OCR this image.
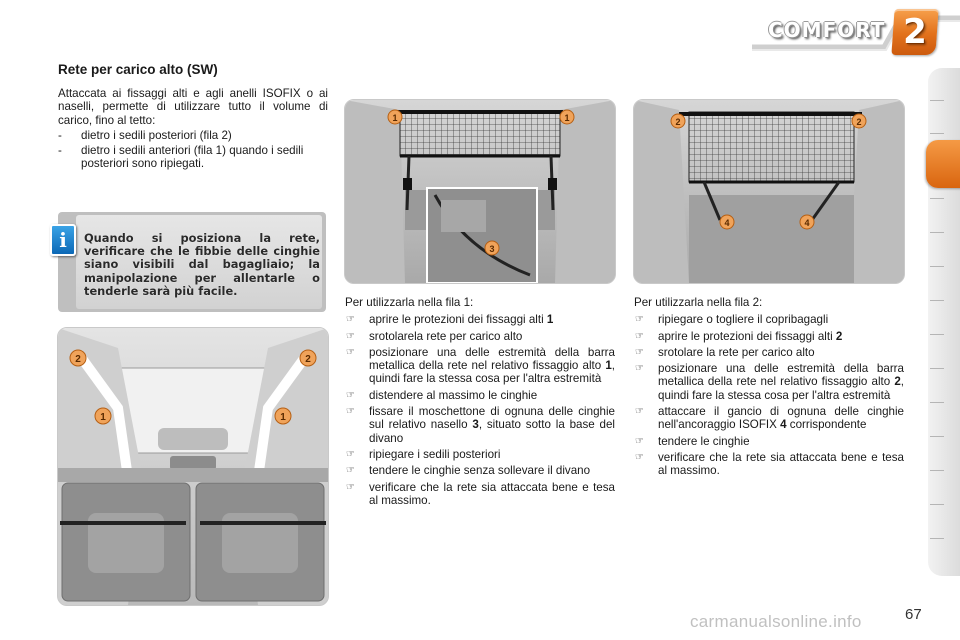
COMFORT 2
Rete per carico alto (SW)
Attaccata ai fissaggi alti e agli anelli ISOFIX o ai naselli, permette di utilizzare tutto il volume di carico, fino al tetto:
- dietro i sedili posteriori (fila 2)
- dietro i sedili anteriori (fila 1) quando i sedili posteriori sono ripiegati.
i	Quando si posiziona la rete, verificare che le fibbie delle cinghie siano visibili dal bagagliaio; la manipolazione per allentarle o tenderle sarà più facile.
2	2
1	1
1	1
3
2	2
4	4
Per utilizzarla nella fila 1:
☞ aprire le protezioni dei fissaggi alti 1
☞ srotolarela rete per carico alto
☞ posizionare una delle estremità della barra metallica della rete nel relativo fissaggio alto 1, quindi fare la stessa cosa per l'altra estremità
☞ distendere al massimo le cinghie
☞ fissare il moschettone di ognuna delle cinghie sul relativo nasello 3, situato sotto la base del divano
☞ ripiegare i sedili posteriori
☞ tendere le cinghie senza sollevare il divano
☞ verificare che la rete sia attaccata bene e tesa al massimo.
Per utilizzarla nella fila 2:
☞ ripiegare o togliere il copribagagli
☞ aprire le protezioni dei fissaggi alti 2
☞ srotolare la rete per carico alto
☞ posizionare una delle estremità della barra metallica della rete nel relativo fissaggio alto 2, quindi fare la stessa cosa per l'altra estremità
☞ attaccare il gancio di ognuna delle cinghie nell'ancoraggio ISOFIX 4 corrispondente
☞ tendere le cinghie
☞ verificare che la rete sia attaccata bene e tesa al massimo.
carmanualsonline.info	67
